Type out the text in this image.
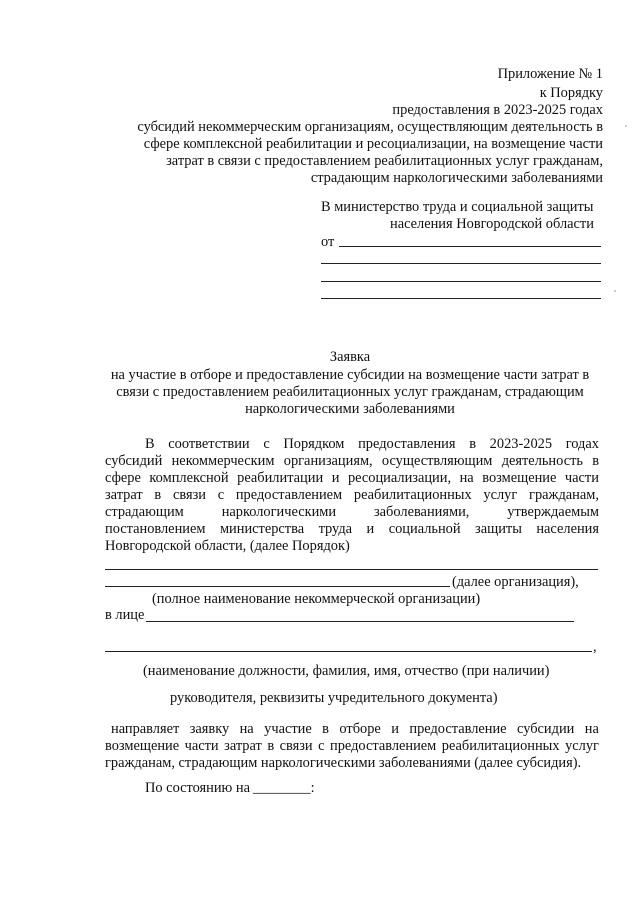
Приложение № 1
к Порядку
предоставления в 2023-2025 годах
субсидий некоммерческим организациям, осуществляющим деятельность в
сфере комплексной реабилитации и ресоциализации, на возмещение части
затрат в связи с предоставлением реабилитационных услуг гражданам,
страдающим наркологическими заболеваниями
В министерство труда и социальной защиты
населения Новгородской области
от
Заявка
на участие в отборе и предоставление субсидии на возмещение части затрат в
связи с предоставлением реабилитационных услуг гражданам, страдающим
наркологическими заболеваниями
В соответствии с Порядком предоставления в 2023-2025 годах
субсидий некоммерческим организациям, осуществляющим деятельность в
сфере комплексной реабилитации и ресоциализации, на возмещение части
затрат в связи с предоставлением реабилитационных услуг гражданам,
страдающим	наркологическими	заболеваниями,	утверждаемым
постановлением министерства труда и социальной защиты населения
Новгородской области, (далее Порядок)
(далее организация),
(полное наименование некоммерческой организации)
в лице
,
(наименование должности, фамилия, имя, отчество (при наличии)
руководителя, реквизиты учредительного документа)
направляет заявку на участие в отборе и предоставление субсидии на
возмещение части затрат в связи с предоставлением реабилитационных услуг
гражданам, страдающим наркологическими заболеваниями (далее субсидия).
По состоянию на ________:
